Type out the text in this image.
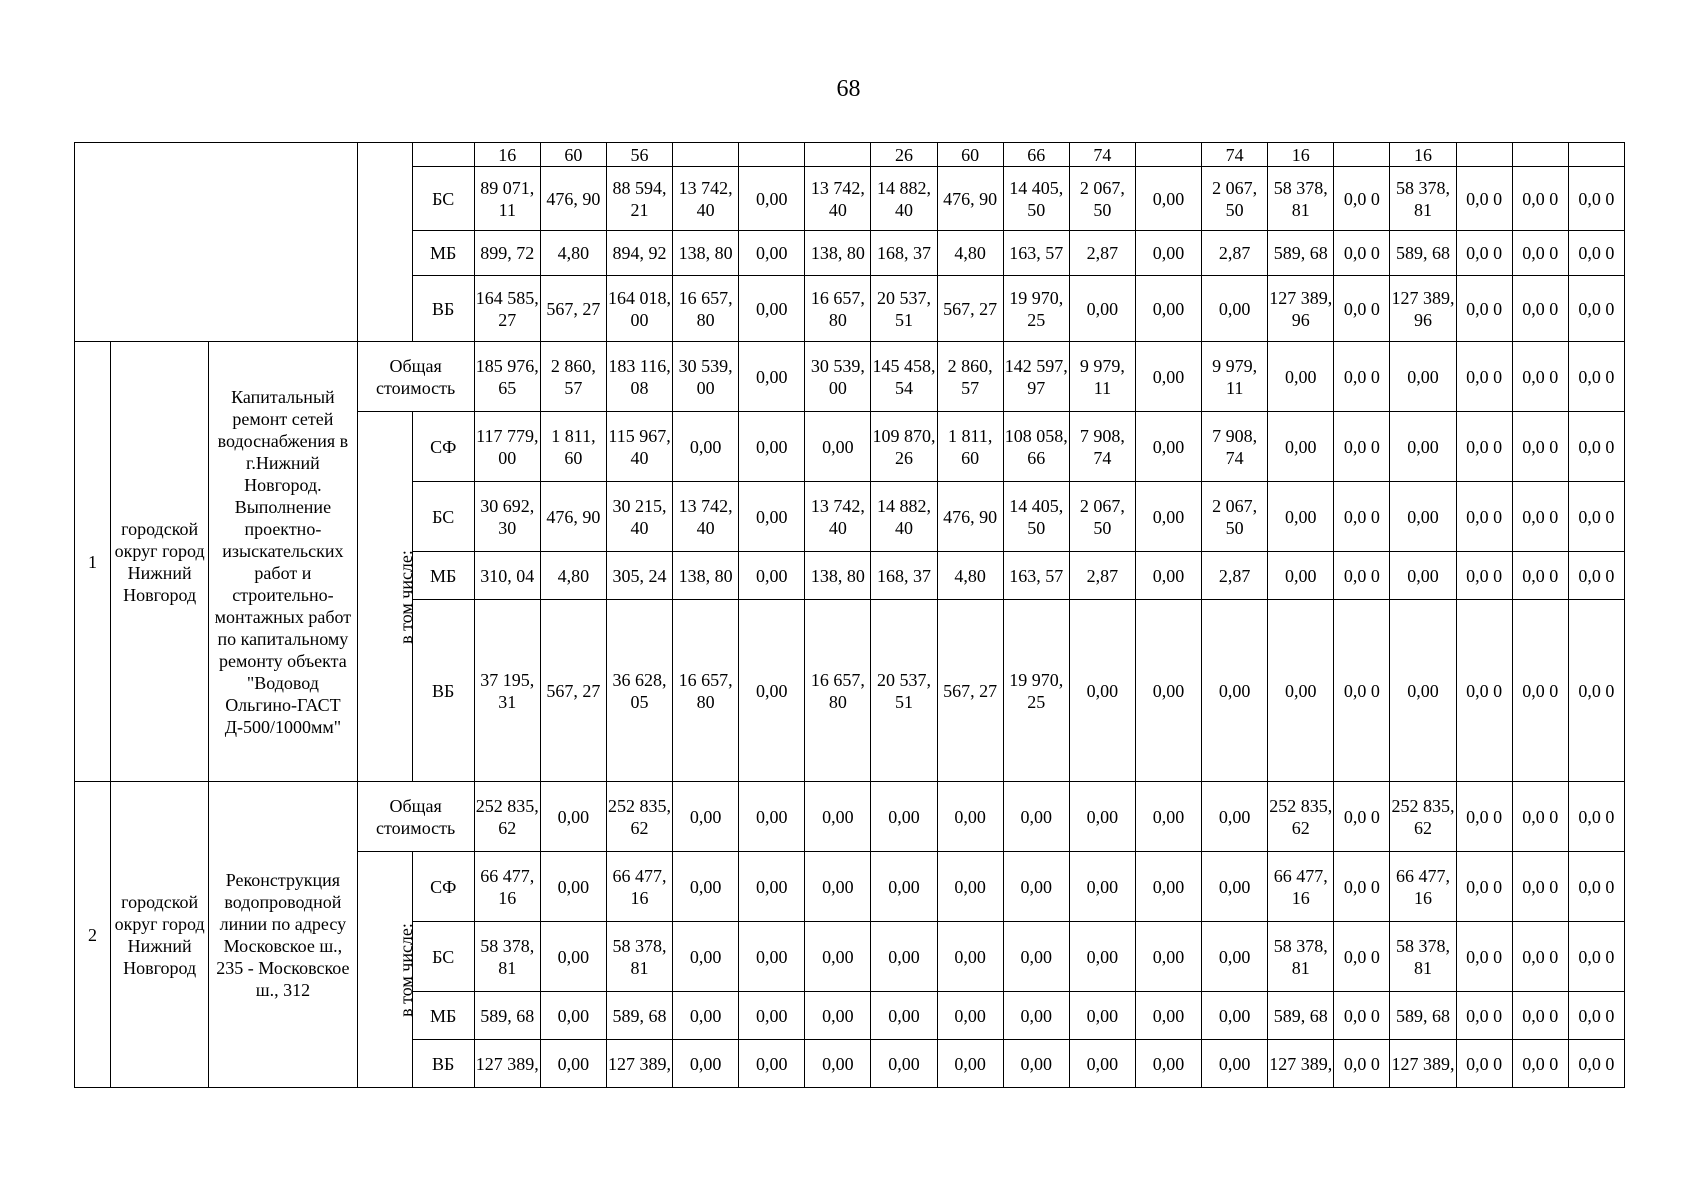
68
					16	60	56				26	60	66	74		74	16		16			
				БС	89 071, 11	476, 90	88 594, 21	13 742, 40	0,00	13 742, 40	14 882, 40	476, 90	14 405, 50	2 067, 50	0,00	2 067, 50	58 378, 81	0,0 0	58 378, 81	0,0 0	0,0 0	0,0 0
				МБ	899, 72	4,80	894, 92	138, 80	0,00	138, 80	168, 37	4,80	163, 57	2,87	0,00	2,87	589, 68	0,0 0	589, 68	0,0 0	0,0 0	0,0 0
				ВБ	164 585, 27	567, 27	164 018, 00	16 657, 80	0,00	16 657, 80	20 537, 51	567, 27	19 970, 25	0,00	0,00	0,00	127 389, 96	0,0 0	127 389, 96	0,0 0	0,0 0	0,0 0
1	городской округ город Нижний Новгород	Капитальный ремонт сетей водоснабжения в г.Нижний Новгород. Выполнение проектно-изыскательских работ и строительно-монтажных работ по капитальному ремонту объекта "Водовод Ольгино-ГАСТ Д-500/1000мм"	Общая стоимость		185 976, 65	2 860, 57	183 116, 08	30 539, 00	0,00	30 539, 00	145 458, 54	2 860, 57	142 597, 97	9 979, 11	0,00	9 979, 11	0,00	0,0 0	0,00	0,0 0	0,0 0	0,0 0
			в том числе:	СФ	117 779, 00	1 811, 60	115 967, 40	0,00	0,00	0,00	109 870, 26	1 811, 60	108 058, 66	7 908, 74	0,00	7 908, 74	0,00	0,0 0	0,00	0,0 0	0,0 0	0,0 0
				БС	30 692, 30	476, 90	30 215, 40	13 742, 40	0,00	13 742, 40	14 882, 40	476, 90	14 405, 50	2 067, 50	0,00	2 067, 50	0,00	0,0 0	0,00	0,0 0	0,0 0	0,0 0
				МБ	310, 04	4,80	305, 24	138, 80	0,00	138, 80	168, 37	4,80	163, 57	2,87	0,00	2,87	0,00	0,0 0	0,00	0,0 0	0,0 0	0,0 0
				ВБ	37 195, 31	567, 27	36 628, 05	16 657, 80	0,00	16 657, 80	20 537, 51	567, 27	19 970, 25	0,00	0,00	0,00	0,00	0,0 0	0,00	0,0 0	0,0 0	0,0 0
2	городской округ город Нижний Новгород	Реконструкция водопроводной линии по адресу Московское ш., 235 - Московское ш., 312	Общая стоимость		252 835, 62	0,00	252 835, 62	0,00	0,00	0,00	0,00	0,00	0,00	0,00	0,00	0,00	252 835, 62	0,0 0	252 835, 62	0,0 0	0,0 0	0,0 0
			в том числе:	СФ	66 477, 16	0,00	66 477, 16	0,00	0,00	0,00	0,00	0,00	0,00	0,00	0,00	0,00	66 477, 16	0,0 0	66 477, 16	0,0 0	0,0 0	0,0 0
				БС	58 378, 81	0,00	58 378, 81	0,00	0,00	0,00	0,00	0,00	0,00	0,00	0,00	0,00	58 378, 81	0,0 0	58 378, 81	0,0 0	0,0 0	0,0 0
				МБ	589, 68	0,00	589, 68	0,00	0,00	0,00	0,00	0,00	0,00	0,00	0,00	0,00	589, 68	0,0 0	589, 68	0,0 0	0,0 0	0,0 0
				ВБ	127 389,	0,00	127 389,	0,00	0,00	0,00	0,00	0,00	0,00	0,00	0,00	0,00	127 389,	0,0 0	127 389,	0,0 0	0,0 0	0,0 0
